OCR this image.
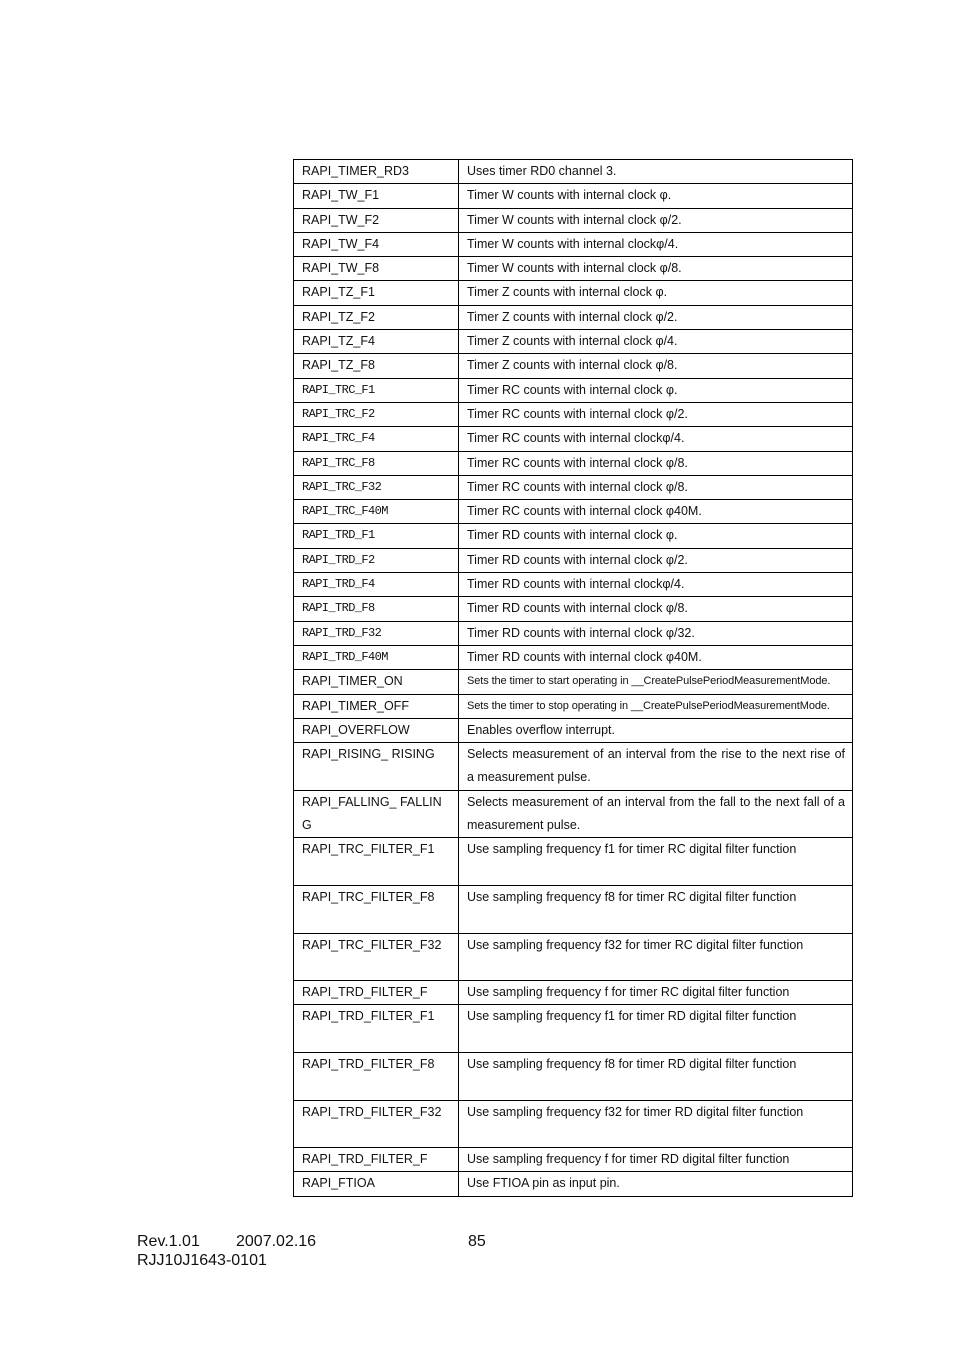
RAPI_TIMER_RD3	Uses timer RD0 channel 3.
RAPI_TW_F1	Timer W counts with internal clock φ.
RAPI_TW_F2	Timer W counts with internal clock φ/2.
RAPI_TW_F4	Timer W counts with internal clockφ/4.
RAPI_TW_F8	Timer W counts with internal clock φ/8.
RAPI_TZ_F1	Timer Z counts with internal clock φ.
RAPI_TZ_F2	Timer Z counts with internal clock φ/2.
RAPI_TZ_F4	Timer Z counts with internal clock φ/4.
RAPI_TZ_F8	Timer Z counts with internal clock φ/8.
RAPI_TRC_F1	Timer RC counts with internal clock φ.
RAPI_TRC_F2	Timer RC counts with internal clock φ/2.
RAPI_TRC_F4	Timer RC counts with internal clockφ/4.
RAPI_TRC_F8	Timer RC counts with internal clock φ/8.
RAPI_TRC_F32	Timer RC counts with internal clock φ/8.
RAPI_TRC_F40M	Timer RC counts with internal clock φ40M.
RAPI_TRD_F1	Timer RD counts with internal clock φ.
RAPI_TRD_F2	Timer RD counts with internal clock φ/2.
RAPI_TRD_F4	Timer RD counts with internal clockφ/4.
RAPI_TRD_F8	Timer RD counts with internal clock φ/8.
RAPI_TRD_F32	Timer RD counts with internal clock φ/32.
RAPI_TRD_F40M	Timer RD counts with internal clock φ40M.
RAPI_TIMER_ON	Sets the timer to start operating in __CreatePulsePeriodMeasurementMode.
RAPI_TIMER_OFF	Sets the timer to stop operating in __CreatePulsePeriodMeasurementMode.
RAPI_OVERFLOW	Enables overflow interrupt.
RAPI_RISING_ RISING	Selects measurement of an interval from the rise to the next rise of a measurement pulse.
RAPI_FALLING_ FALLING	Selects measurement of an interval from the fall to the next fall of a measurement pulse.
RAPI_TRC_FILTER_F1	Use sampling frequency f1 for timer RC digital filter function
RAPI_TRC_FILTER_F8	Use sampling frequency f8 for timer RC digital filter function
RAPI_TRC_FILTER_F32	Use sampling frequency f32 for timer RC digital filter function
RAPI_TRD_FILTER_F	Use sampling frequency f for timer RC digital filter function
RAPI_TRD_FILTER_F1	Use sampling frequency f1 for timer RD digital filter function
RAPI_TRD_FILTER_F8	Use sampling frequency f8 for timer RD digital filter function
RAPI_TRD_FILTER_F32	Use sampling frequency f32 for timer RD digital filter function
RAPI_TRD_FILTER_F	Use sampling frequency f for timer RD digital filter function
RAPI_FTIOA	Use FTIOA pin as input pin.
Rev.1.01 2007.02.16	85
RJJ10J1643-0101
